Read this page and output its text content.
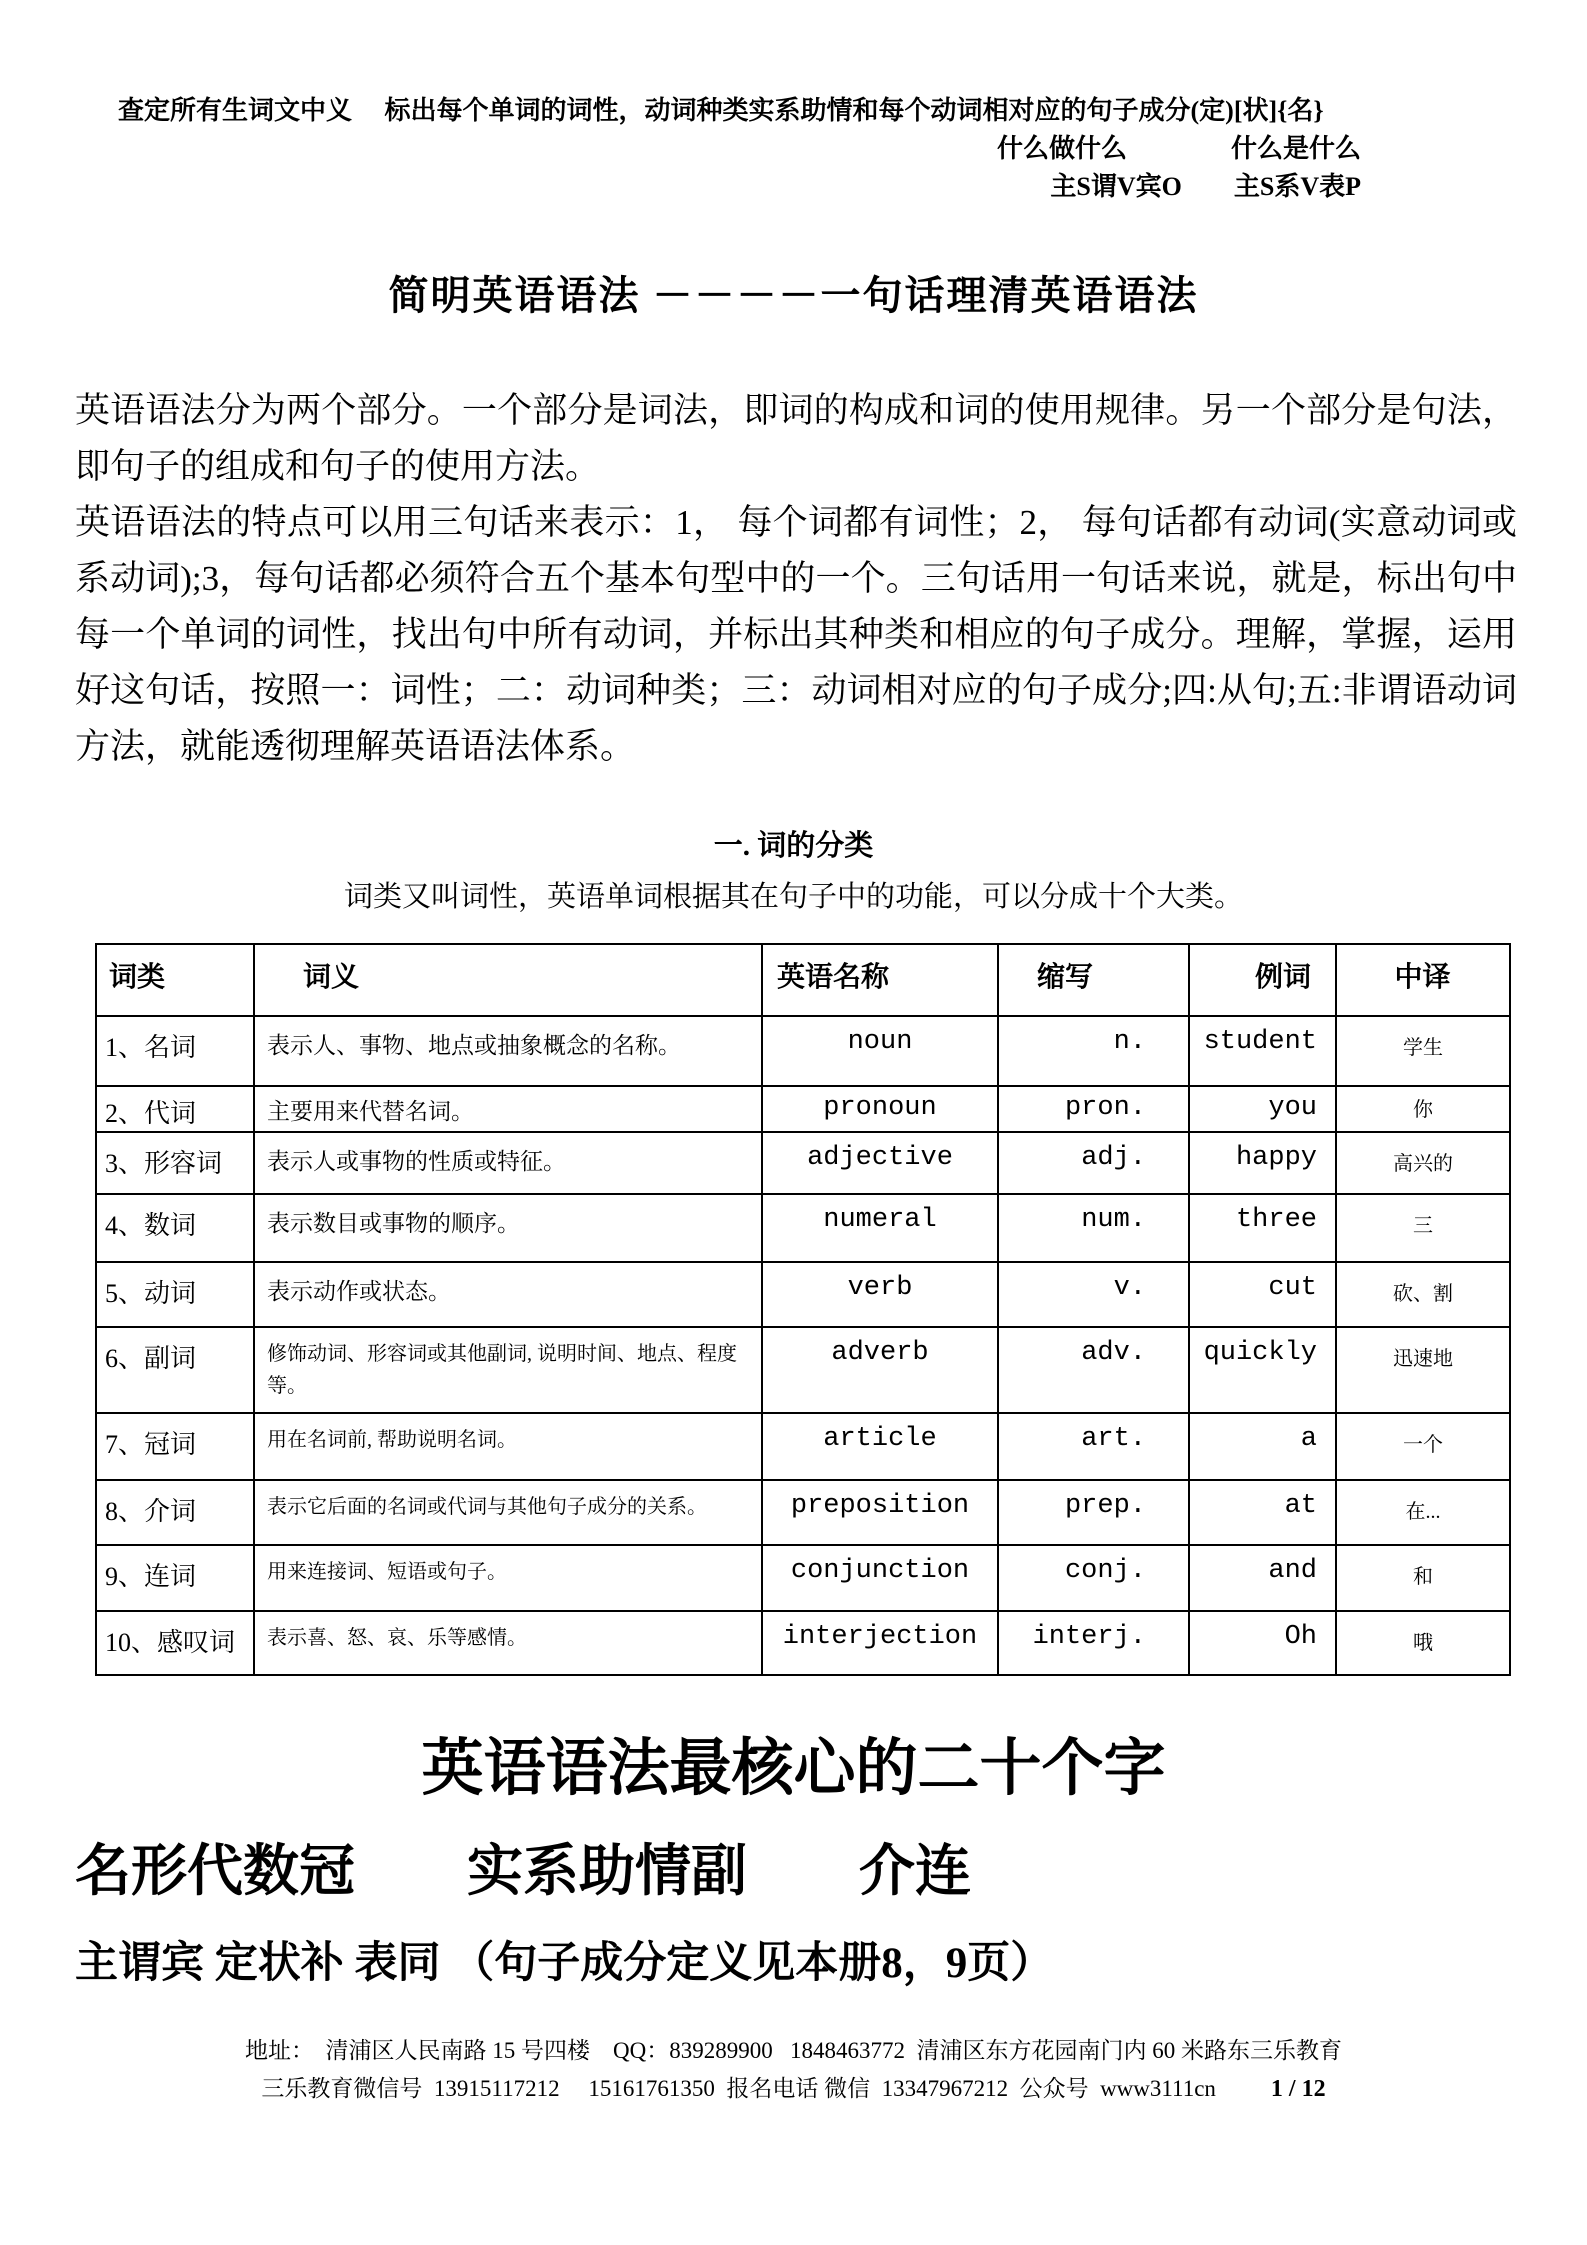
查定所有生词文中义　 标出每个单词的词性，动词种类实系助情和每个动词相对应的句子成分(定)[状]{名}
什么做什么　　　　什么是什么
主S谓V宾O　　主S系V表P
简明英语语法 －－－－一句话理清英语语法

英语语法分为两个部分。一个部分是词法，即词的构成和词的使用规律。另一个部分是句法，即句子的组成和句子的使用方法。

英语语法的特点可以用三句话来表示：1， 每个词都有词性；2， 每句话都有动词(实意动词或系动词);3，每句话都必须符合五个基本句型中的一个。三句话用一句话来说，就是，标出句中每一个单词的词性，找出句中所有动词，并标出其种类和相应的句子成分。理解，掌握，运用好这句话，按照一：词性；二：动词种类；三：动词相对应的句子成分;四:从句;五:非谓语动词方法，就能透彻理解英语语法体系。

一. 词的分类
词类又叫词性，英语单词根据其在句子中的功能，可以分成十个大类。
词类	词义	英语名称	缩写	例词	中译
1、名词	表示人、事物、地点或抽象概念的名称。	noun	n.	student	学生
2、代词	主要用来代替名词。	pronoun	pron.	you	你
3、形容词	表示人或事物的性质或特征。	adjective	adj.	happy	高兴的
4、数词	表示数目或事物的顺序。	numeral	num.	three	三
5、动词	表示动作或状态。	verb	v.	cut	砍、割
6、副词	修饰动词、形容词或其他副词, 说明时间、地点、程度等。	adverb	adv.	quickly	迅速地
7、冠词	用在名词前, 帮助说明名词。	article	art.	a	一个
8、介词	表示它后面的名词或代词与其他句子成分的关系。	preposition	prep.	at	在...
9、连词	用来连接词、短语或句子。	conjunction	conj.	and	和
10、感叹词	表示喜、怒、哀、乐等感情。	interjection	interj.	Oh	哦
英语语法最核心的二十个字
名形代数冠　　实系助情副　　介连
主谓宾 定状补 表同 （句子成分定义见本册8，9页）
地址：  清浦区人民南路 15 号四楼    QQ：839289900   1848463772  清浦区东方花园南门内 60 米路东三乐教育
三乐教育微信号  13915117212     15161761350  报名电话 微信  13347967212  公众号  www3111cn 1 / 12
